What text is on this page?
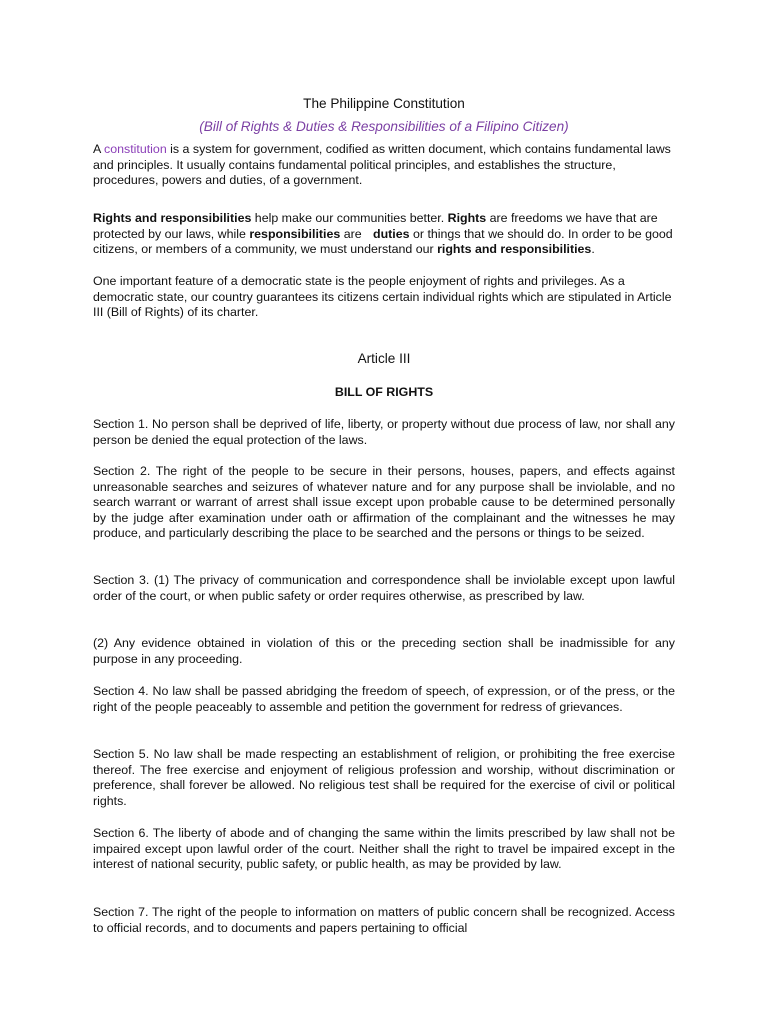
The Philippine Constitution
(Bill of Rights & Duties & Responsibilities of a Filipino Citizen)

A constitution is a system for government, codified as written document, which contains fundamental laws and principles. It usually contains fundamental political principles, and establishes the structure, procedures, powers and duties, of a government.

Rights and responsibilities help make our communities better. Rights are freedoms we have that are protected by our laws, while responsibilities are duties or things that we should do. In order to be good citizens, or members of a community, we must understand our rights and responsibilities.

One important feature of a democratic state is the people enjoyment of rights and privileges. As a democratic state, our country guarantees its citizens certain individual rights which are stipulated in Article III (Bill of Rights) of its charter.

Article III
BILL OF RIGHTS

Section 1. No person shall be deprived of life, liberty, or property without due process of law, nor shall any person be denied the equal protection of the laws.

Section 2. The right of the people to be secure in their persons, houses, papers, and effects against unreasonable searches and seizures of whatever nature and for any purpose shall be inviolable, and no search warrant or warrant of arrest shall issue except upon probable cause to be determined personally by the judge after examination under oath or affirmation of the complainant and the witnesses he may produce, and particularly describing the place to be searched and the persons or things to be seized.

Section 3. (1) The privacy of communication and correspondence shall be inviolable except upon lawful order of the court, or when public safety or order requires otherwise, as prescribed by law.

(2) Any evidence obtained in violation of this or the preceding section shall be inadmissible for any purpose in any proceeding.

Section 4. No law shall be passed abridging the freedom of speech, of expression, or of the press, or the right of the people peaceably to assemble and petition the government for redress of grievances.

Section 5. No law shall be made respecting an establishment of religion, or prohibiting the free exercise thereof. The free exercise and enjoyment of religious profession and worship, without discrimination or preference, shall forever be allowed. No religious test shall be required for the exercise of civil or political rights.

Section 6. The liberty of abode and of changing the same within the limits prescribed by law shall not be impaired except upon lawful order of the court. Neither shall the right to travel be impaired except in the interest of national security, public safety, or public health, as may be provided by law.

Section 7. The right of the people to information on matters of public concern shall be recognized. Access to official records, and to documents and papers pertaining to official
